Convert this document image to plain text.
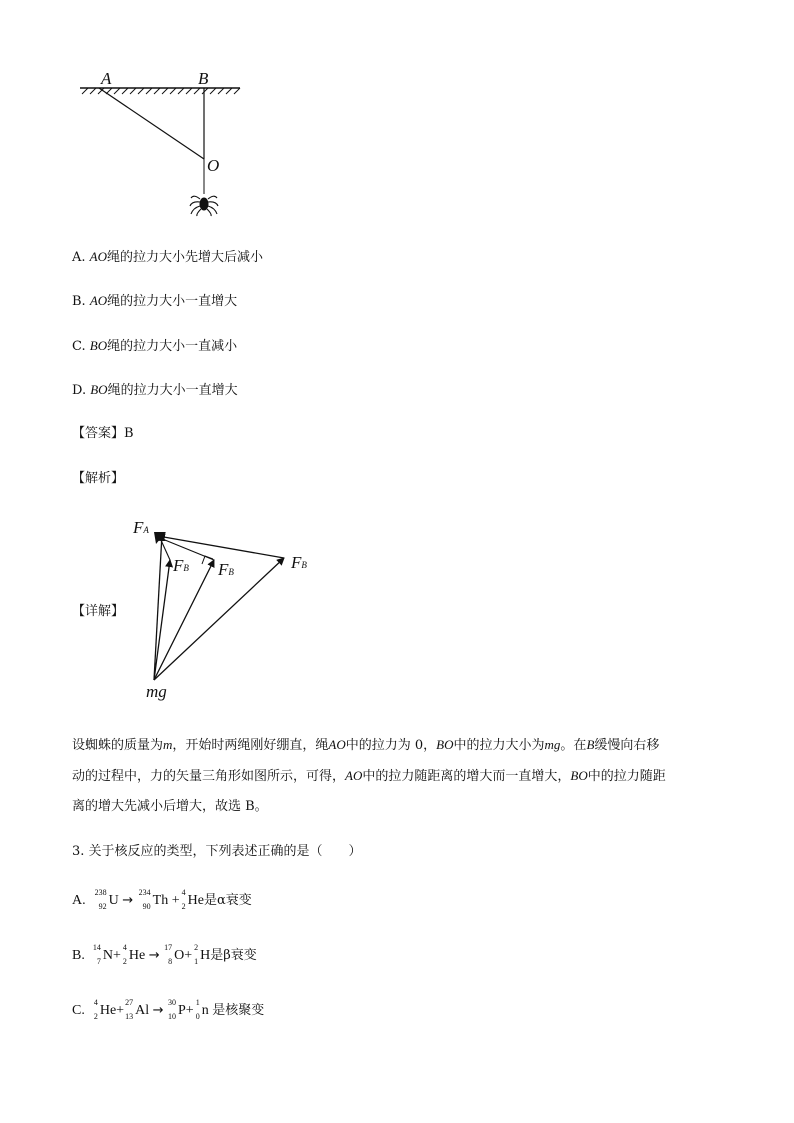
A	B
O
A. AO绳的拉力大小先增大后减小
B. AO绳的拉力大小一直增大
C. BO绳的拉力大小一直减小
D. BO绳的拉力大小一直增大
【答案】B
【解析】
【详解】
FA
FB FB	FB
mg
设蜘蛛的质量为m，开始时两绳刚好绷直，绳AO中的拉力为 0，BO中的拉力大小为mg。在B缓慢向右移
动的过程中，力的矢量三角形如图所示，可得，AO中的拉力随距离的增大而一直增大，BO中的拉力随距
离的增大先减小后增大，故选 B。
3. 关于核反应的类型，下列表述正确的是（　　）
A.
238
92 U →
234
90 Th +
4
2 He是α衰变
B.
14
7 N+
4
2 He →
17
8 O+
2
1 H是β衰变
C.
4
2 He+
27
13 Al →
30
10 P+
1
0 n 是核聚变
